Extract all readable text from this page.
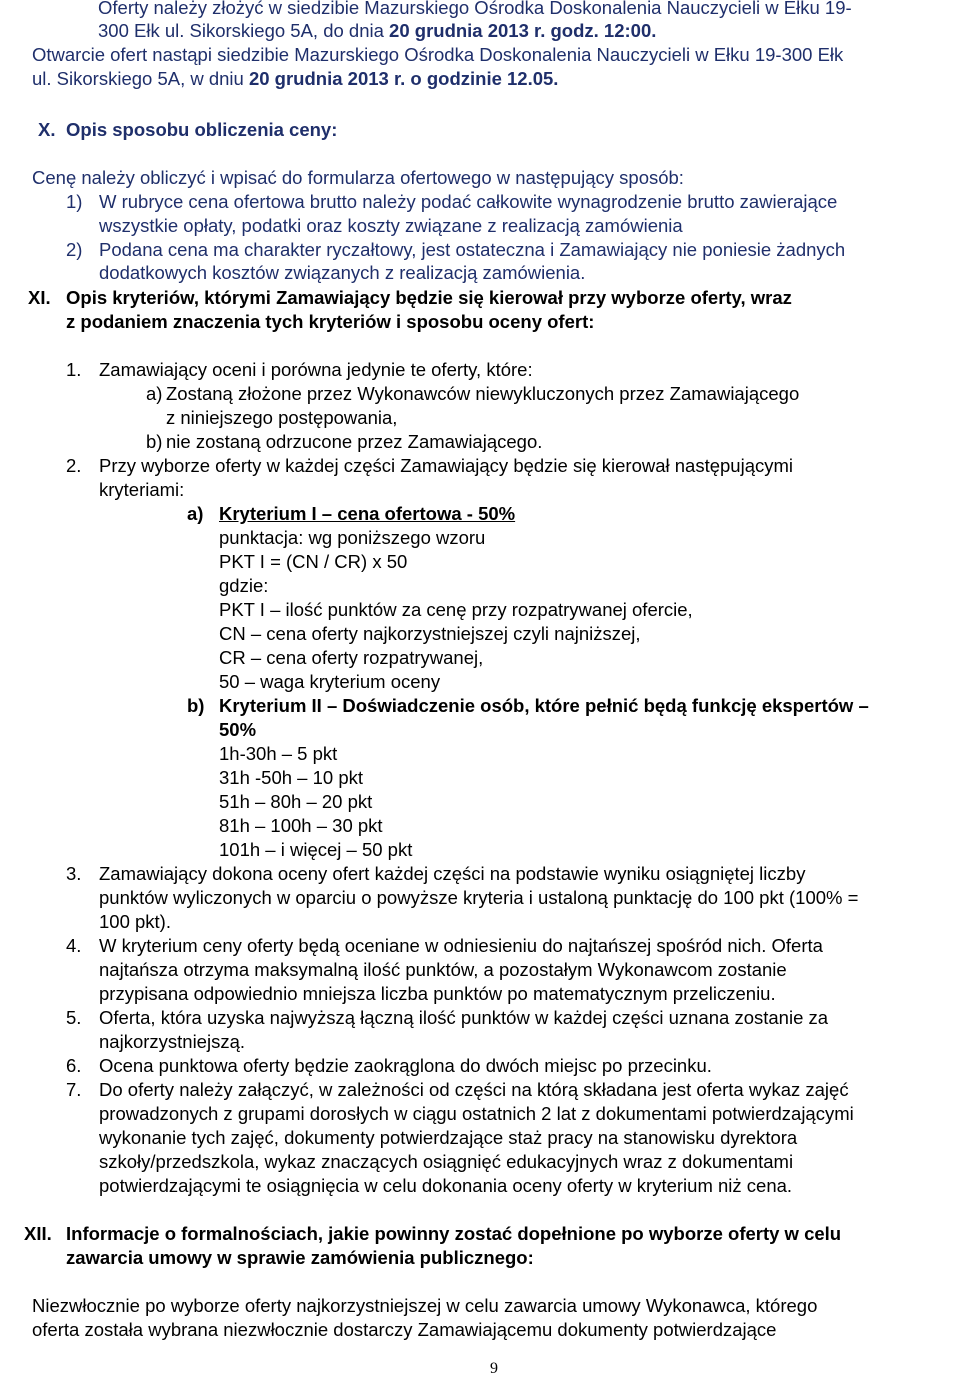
Oferty należy złożyć w siedzibie Mazurskiego Ośrodka Doskonalenia Nauczycieli w Ełku 19-
300 Ełk ul. Sikorskiego 5A, do dnia 20 grudnia 2013 r. godz. 12:00.
Otwarcie ofert nastąpi siedzibie Mazurskiego Ośrodka Doskonalenia Nauczycieli w Ełku 19-300 Ełk
ul. Sikorskiego 5A, w dniu 20 grudnia 2013 r. o godzinie 12.05.
X. Opis sposobu obliczenia ceny:
Cenę należy obliczyć i wpisać do formularza ofertowego w następujący sposób:
1) W rubryce cena ofertowa brutto należy podać całkowite wynagrodzenie brutto zawierające
wszystkie opłaty, podatki oraz koszty związane z realizacją zamówienia
2) Podana cena ma charakter ryczałtowy, jest ostateczna i Zamawiający nie poniesie żadnych
dodatkowych kosztów związanych z realizacją zamówienia.
XI. Opis kryteriów, którymi Zamawiający będzie się kierował przy wyborze oferty, wraz
z podaniem znaczenia tych kryteriów i sposobu oceny ofert:
1. Zamawiający oceni i porówna jedynie te oferty, które:
a) Zostaną złożone przez Wykonawców niewykluczonych przez Zamawiającego
z niniejszego postępowania,
b) nie zostaną odrzucone przez Zamawiającego.
2. Przy wyborze oferty w każdej części Zamawiający będzie się kierował następującymi
kryteriami:
a) Kryterium I – cena ofertowa - 50%
punktacja: wg poniższego wzoru
PKT I = (CN / CR) x 50
gdzie:
PKT I – ilość punktów za cenę przy rozpatrywanej ofercie,
CN – cena oferty najkorzystniejszej czyli najniższej,
CR – cena oferty rozpatrywanej,
50 – waga kryterium oceny
b) Kryterium II – Doświadczenie osób, które pełnić będą funkcję ekspertów –
50%
1h-30h – 5 pkt
31h -50h – 10 pkt
51h – 80h – 20 pkt
81h – 100h – 30 pkt
101h – i więcej – 50 pkt
3. Zamawiający dokona oceny ofert każdej części na podstawie wyniku osiągniętej liczby
punktów wyliczonych w oparciu o powyższe kryteria i ustaloną punktację do 100 pkt (100% =
100 pkt).
4. W kryterium ceny oferty będą oceniane w odniesieniu do najtańszej spośród nich. Oferta
najtańsza otrzyma maksymalną ilość punktów, a pozostałym Wykonawcom zostanie
przypisana odpowiednio mniejsza liczba punktów po matematycznym przeliczeniu.
5. Oferta, która uzyska najwyższą łączną ilość punktów w każdej części uznana zostanie za
najkorzystniejszą.
6. Ocena punktowa oferty będzie zaokrąglona do dwóch miejsc po przecinku.
7. Do oferty należy załączyć, w zależności od części na którą składana jest oferta wykaz zajęć
prowadzonych z grupami dorosłych w ciągu ostatnich 2 lat z dokumentami potwierdzającymi
wykonanie tych zajęć, dokumenty potwierdzające staż pracy na stanowisku dyrektora
szkoły/przedszkola, wykaz znaczących osiągnięć edukacyjnych wraz z dokumentami
potwierdzającymi te osiągnięcia w celu dokonania oceny oferty w kryterium niż cena.
XII. Informacje o formalnościach, jakie powinny zostać dopełnione po wyborze oferty w celu
zawarcia umowy w sprawie zamówienia publicznego:
Niezwłocznie po wyborze oferty najkorzystniejszej w celu zawarcia umowy Wykonawca, którego
oferta została wybrana niezwłocznie dostarczy Zamawiającemu dokumenty potwierdzające
9
